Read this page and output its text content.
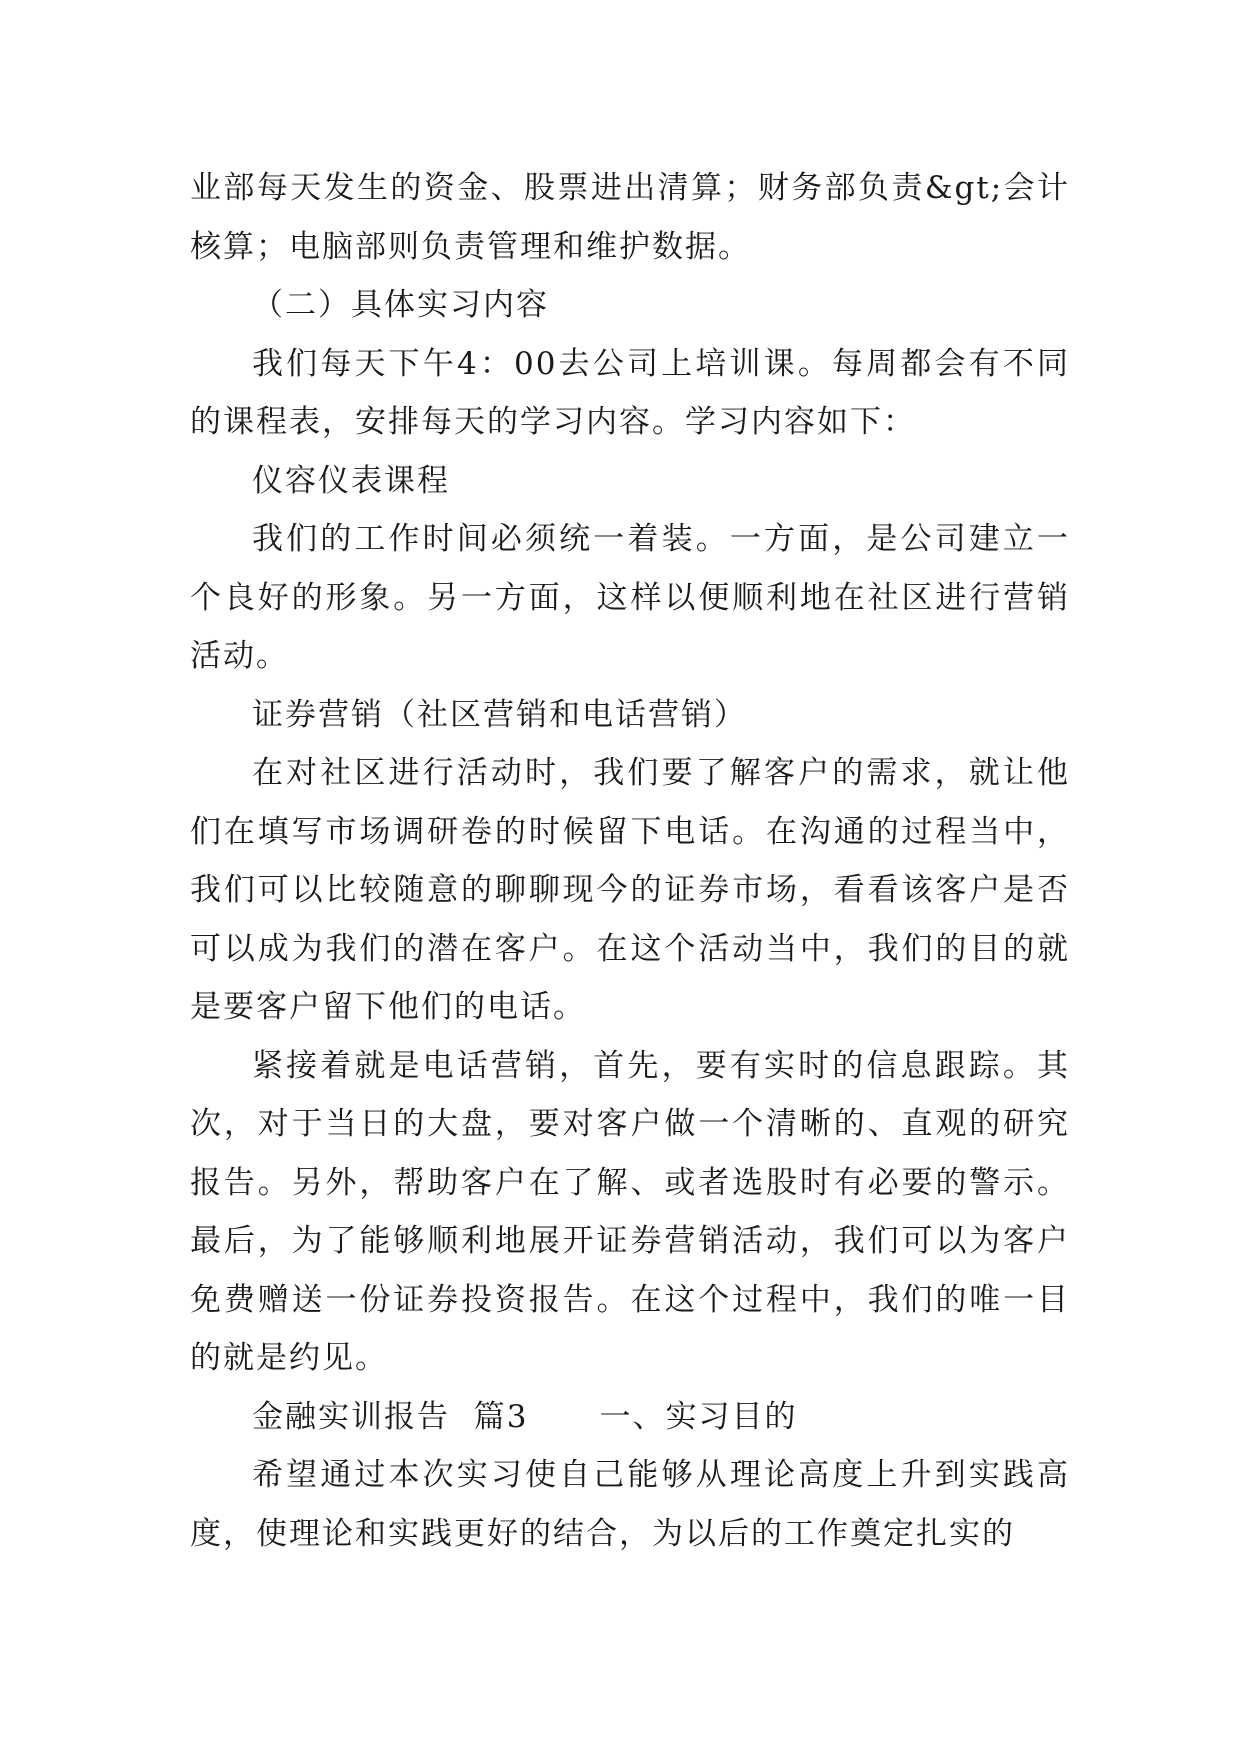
业部每天发生的资金、股票进出清算；财务部负责&gt;会计核算；电脑部则负责管理和维护数据。

（二）具体实习内容

我们每天下午4：00去公司上培训课。每周都会有不同的课程表，安排每天的学习内容。学习内容如下：

仪容仪表课程

我们的工作时间必须统一着装。一方面，是公司建立一个良好的形象。另一方面，这样以便顺利地在社区进行营销活动。

证券营销（社区营销和电话营销）

在对社区进行活动时，我们要了解客户的需求，就让他们在填写市场调研卷的时候留下电话。在沟通的过程当中，我们可以比较随意的聊聊现今的证券市场，看看该客户是否可以成为我们的潜在客户。在这个活动当中，我们的目的就是要客户留下他们的电话。

紧接着就是电话营销，首先，要有实时的信息跟踪。其次，对于当日的大盘，要对客户做一个清晰的、直观的研究报告。另外，帮助客户在了解、或者选股时有必要的警示。最后，为了能够顺利地展开证券营销活动，我们可以为客户免费赠送一份证券投资报告。在这个过程中，我们的唯一目的就是约见。

金融实训报告  篇3      一、实习目的

希望通过本次实习使自己能够从理论高度上升到实践高度，使理论和实践更好的结合，为以后的工作奠定扎实的
